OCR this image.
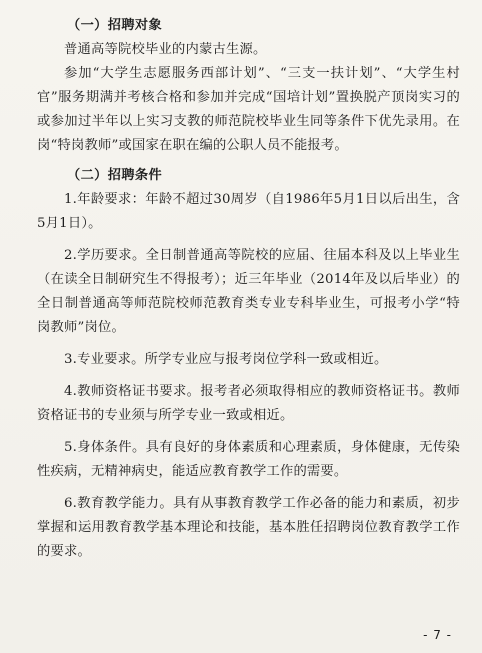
（一）招聘对象

普通高等院校毕业的内蒙古生源。

参加“大学生志愿服务西部计划”、“三支一扶计划”、“大学生村官”服务期满并考核合格和参加并完成“国培计划”置换脱产顶岗实习的或参加过半年以上实习支教的师范院校毕业生同等条件下优先录用。在岗“特岗教师”或国家在职在编的公职人员不能报考。

（二）招聘条件

1.年龄要求：年龄不超过30周岁（自1986年5月1日以后出生，含5月1日）。

2.学历要求。全日制普通高等院校的应届、往届本科及以上毕业生（在读全日制研究生不得报考）；近三年毕业（2014年及以后毕业）的全日制普通高等师范院校师范教育类专业专科毕业生，可报考小学“特岗教师”岗位。

3.专业要求。所学专业应与报考岗位学科一致或相近。

4.教师资格证书要求。报考者必须取得相应的教师资格证书。教师资格证书的专业须与所学专业一致或相近。

5.身体条件。具有良好的身体素质和心理素质，身体健康，无传染性疾病，无精神病史，能适应教育教学工作的需要。

6.教育教学能力。具有从事教育教学工作必备的能力和素质，初步掌握和运用教育教学基本理论和技能，基本胜任招聘岗位教育教学工作的要求。

- 7 -
